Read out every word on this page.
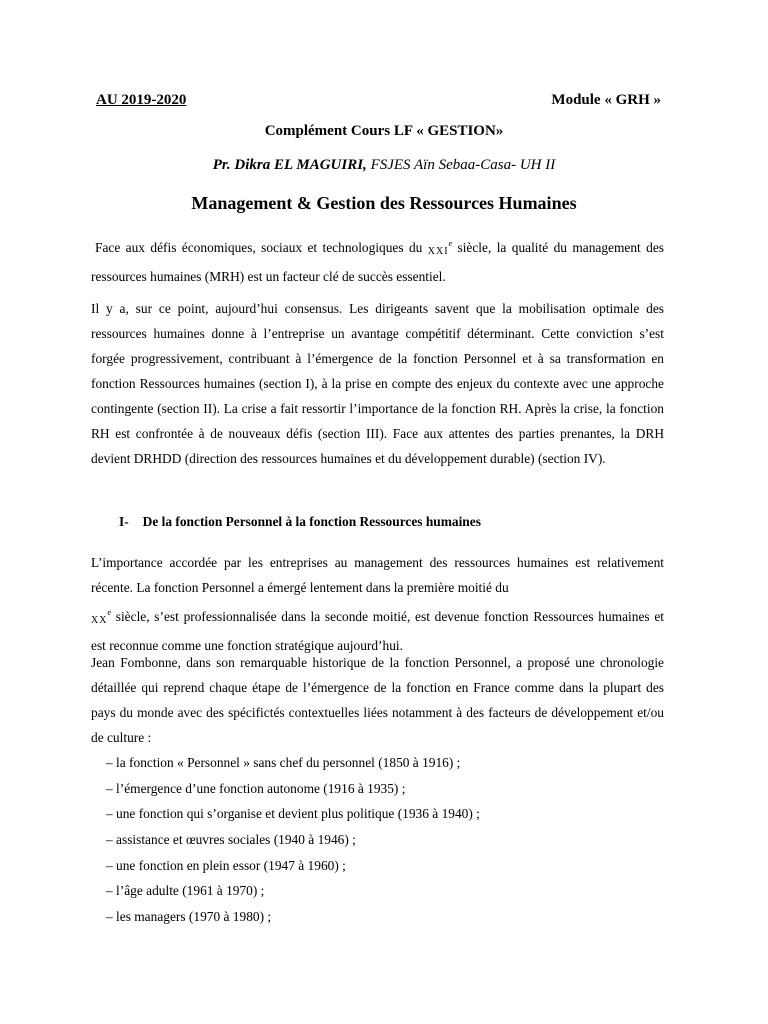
AU 2019-2020	Module « GRH »
Complément Cours LF « GESTION»
Pr. Dikra EL MAGUIRI, FSJES Aïn Sebaa-Casa- UH II
Management & Gestion des Ressources Humaines

Face aux défis économiques, sociaux et technologiques du XXIe siècle, la qualité du management des ressources humaines (MRH) est un facteur clé de succès essentiel.

Il y a, sur ce point, aujourd’hui consensus. Les dirigeants savent que la mobilisation optimale des ressources humaines donne à l’entreprise un avantage compétitif déterminant. Cette conviction s’est forgée progressivement, contribuant à l’émergence de la fonction Personnel et à sa transformation en fonction Ressources humaines (section I), à la prise en compte des enjeux du contexte avec une approche contingente (section II). La crise a fait ressortir l’importance de la fonction RH. Après la crise, la fonction RH est confrontée à de nouveaux défis (section III). Face aux attentes des parties prenantes, la DRH devient DRHDD (direction des ressources humaines et du développement durable) (section IV).

I- De la fonction Personnel à la fonction Ressources humaines

L’importance accordée par les entreprises au management des ressources humaines est relativement récente. La fonction Personnel a émergé lentement dans la première moitié du
XXe siècle, s’est professionnalisée dans la seconde moitié, est devenue fonction Ressources humaines et est reconnue comme une fonction stratégique aujourd’hui.

Jean Fombonne, dans son remarquable historique de la fonction Personnel, a proposé une chronologie détaillée qui reprend chaque étape de l’émergence de la fonction en France comme dans la plupart des pays du monde avec des spécifictés contextuelles liées notamment à des facteurs de développement et/ou de culture :

– la fonction « Personnel » sans chef du personnel (1850 à 1916) ;
– l’émergence d’une fonction autonome (1916 à 1935) ;
– une fonction qui s’organise et devient plus politique (1936 à 1940) ;
– assistance et œuvres sociales (1940 à 1946) ;
– une fonction en plein essor (1947 à 1960) ;
– l’âge adulte (1961 à 1970) ;
– les managers (1970 à 1980) ;
